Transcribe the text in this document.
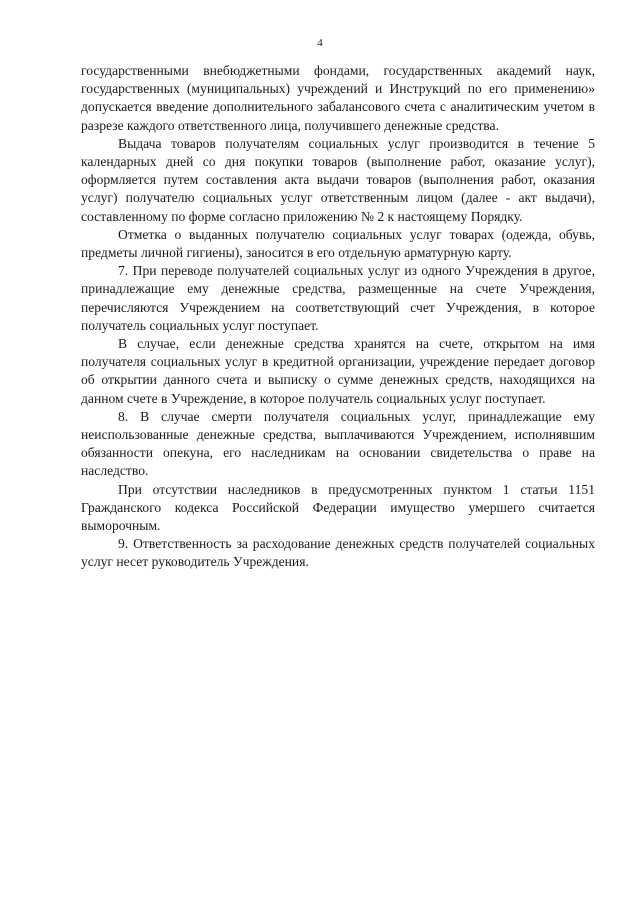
4

государственными внебюджетными фондами, государственных академий наук, государственных (муниципальных) учреждений и Инструкций по его применению» допускается введение дополнительного забалансового счета с аналитическим учетом в разрезе каждого ответственного лица, получившего денежные средства.

Выдача товаров получателям социальных услуг производится в течение 5 календарных дней со дня покупки товаров (выполнение работ, оказание услуг), оформляется путем составления акта выдачи товаров (выполнения работ, оказания услуг) получателю социальных услуг ответственным лицом (далее - акт выдачи), составленному по форме согласно приложению № 2 к настоящему Порядку.

Отметка о выданных получателю социальных услуг товарах (одежда, обувь, предметы личной гигиены), заносится в его отдельную арматурную карту.

7. При переводе получателей социальных услуг из одного Учреждения в другое, принадлежащие ему денежные средства, размещенные на счете Учреждения, перечисляются Учреждением на соответствующий счет Учреждения, в которое получатель социальных услуг поступает.

В случае, если денежные средства хранятся на счете, открытом на имя получателя социальных услуг в кредитной организации, учреждение передает договор об открытии данного счета и выписку о сумме денежных средств, находящихся на данном счете в Учреждение, в которое получатель социальных услуг поступает.

8. В случае смерти получателя социальных услуг, принадлежащие ему неиспользованные денежные средства, выплачиваются Учреждением, исполнявшим обязанности опекуна, его наследникам на основании свидетельства о праве на наследство.

При отсутствии наследников в предусмотренных пунктом 1 статьи 1151 Гражданского кодекса Российской Федерации имущество умершего считается выморочным.

9. Ответственность за расходование денежных средств получателей социальных услуг несет руководитель Учреждения.
